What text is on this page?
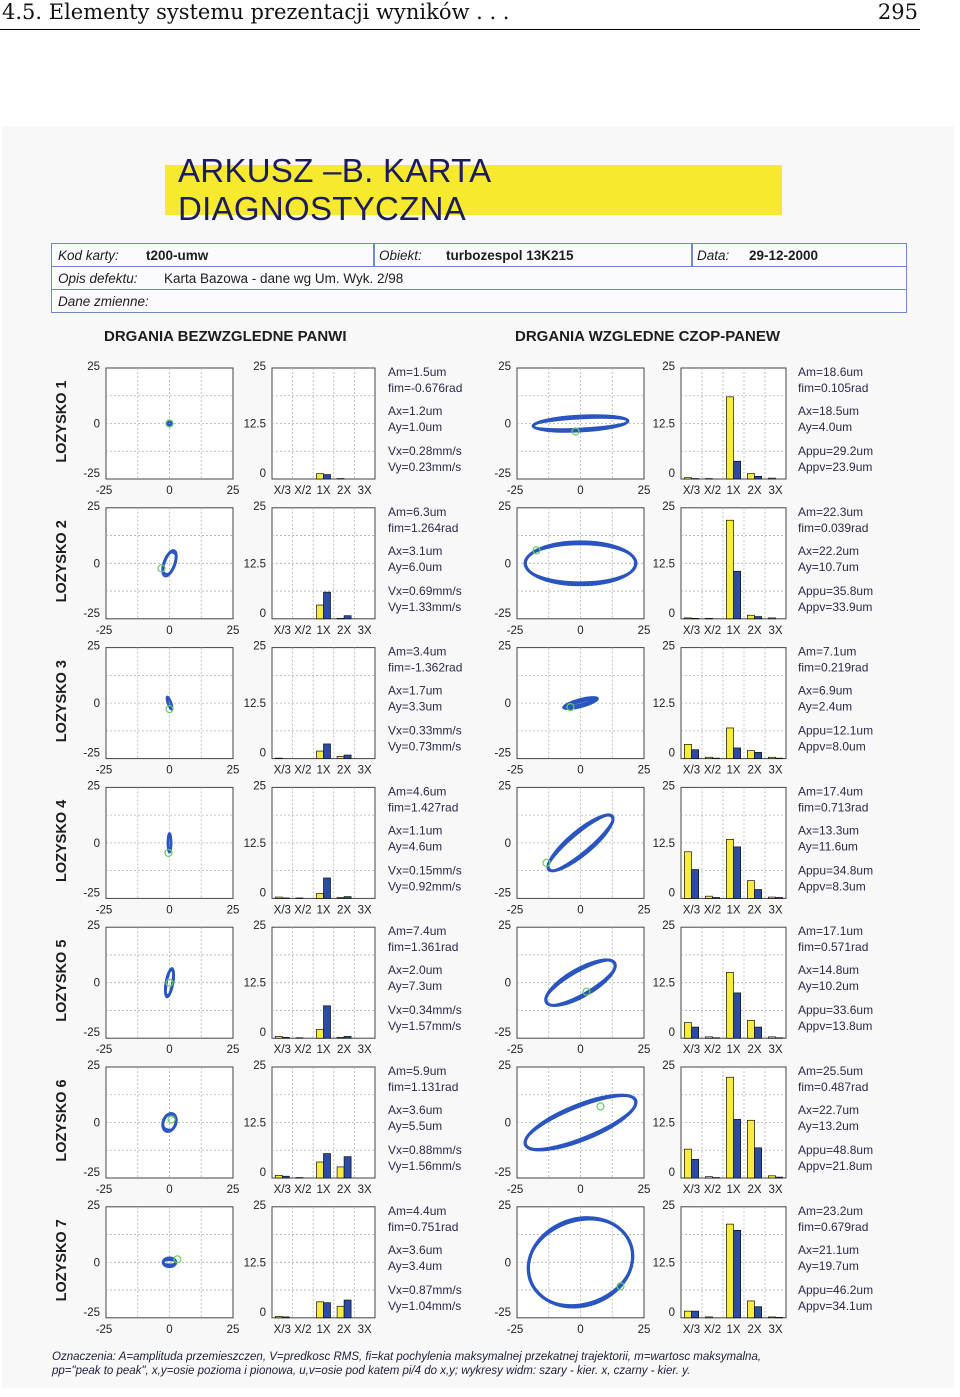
4.5. Elementy systemu prezentacji wyników . . .	295
ARKUSZ –B. KARTA DIAGNOSTYCZNA
Kod karty: t200-umw	Obiekt: turbozespol 13K215	Data: 29-12-2000
Opis defektu: Karta Bazowa - dane wg Um. Wyk. 2/98
Dane zmienne:
DRGANIA BEZWZGLEDNE PANWI	DRGANIA WZGLEDNE CZOP-PANEW
LOZYSKO 1
25
0
-25
-25	0	25
25
12.5
0
X/3 X/2 1X 2X 3X
Am=1.5um
fim=-0.676rad
Ax=1.2um
Ay=1.0um
Vx=0.28mm/s
Vy=0.23mm/s
25
0
-25
-25	0	25
25
12.5
0
X/3 X/2 1X 2X 3X
Am=18.6um
fim=0.105rad
Ax=18.5um
Ay=4.0um
Appu=29.2um
Appv=23.9um
LOZYSKO 2
25
0
-25
-25	0	25
25
12.5
0
X/3 X/2 1X 2X 3X
Am=6.3um
fim=1.264rad
Ax=3.1um
Ay=6.0um
Vx=0.69mm/s
Vy=1.33mm/s
25
0
-25
-25	0	25
25
12.5
0
X/3 X/2 1X 2X 3X
Am=22.3um
fim=0.039rad
Ax=22.2um
Ay=10.7um
Appu=35.8um
Appv=33.9um
LOZYSKO 3
25
0
-25
-25	0	25
25
12.5
0
X/3 X/2 1X 2X 3X
Am=3.4um
fim=-1.362rad
Ax=1.7um
Ay=3.3um
Vx=0.33mm/s
Vy=0.73mm/s
25
0
-25
-25	0	25
25
12.5
0
X/3 X/2 1X 2X 3X
Am=7.1um
fim=0.219rad
Ax=6.9um
Ay=2.4um
Appu=12.1um
Appv=8.0um
LOZYSKO 4
25
0
-25
-25	0	25
25
12.5
0
X/3 X/2 1X 2X 3X
Am=4.6um
fim=1.427rad
Ax=1.1um
Ay=4.6um
Vx=0.15mm/s
Vy=0.92mm/s
25
0
-25
-25	0	25
25
12.5
0
X/3 X/2 1X 2X 3X
Am=17.4um
fim=0.713rad
Ax=13.3um
Ay=11.6um
Appu=34.8um
Appv=8.3um
LOZYSKO 5
25
0
-25
-25	0	25
25
12.5
0
X/3 X/2 1X 2X 3X
Am=7.4um
fim=1.361rad
Ax=2.0um
Ay=7.3um
Vx=0.34mm/s
Vy=1.57mm/s
25
0
-25
-25	0	25
25
12.5
0
X/3 X/2 1X 2X 3X
Am=17.1um
fim=0.571rad
Ax=14.8um
Ay=10.2um
Appu=33.6um
Appv=13.8um
LOZYSKO 6
25
0
-25
-25	0	25
25
12.5
0
X/3 X/2 1X 2X 3X
Am=5.9um
fim=1.131rad
Ax=3.6um
Ay=5.5um
Vx=0.88mm/s
Vy=1.56mm/s
25
0
-25
-25	0	25
25
12.5
0
X/3 X/2 1X 2X 3X
Am=25.5um
fim=0.487rad
Ax=22.7um
Ay=13.2um
Appu=48.8um
Appv=21.8um
LOZYSKO 7
25
0
-25
-25	0	25
25
12.5
0
X/3 X/2 1X 2X 3X
Am=4.4um
fim=0.751rad
Ax=3.6um
Ay=3.4um
Vx=0.87mm/s
Vy=1.04mm/s
25
0
-25
-25	0	25
25
12.5
0
X/3 X/2 1X 2X 3X
Am=23.2um
fim=0.679rad
Ax=21.1um
Ay=19.7um
Appu=46.2um
Appv=34.1um
Oznaczenia: A=amplituda przemieszczen, V=predkosc RMS, fi=kat pochylenia maksymalnej przekatnej trajektorii, m=wartosc maksymalna,
pp="peak to peak", x,y=osie pozioma i pionowa, u,v=osie pod katem pi/4 do x,y; wykresy widm: szary - kier. x, czarny - kier. y.
